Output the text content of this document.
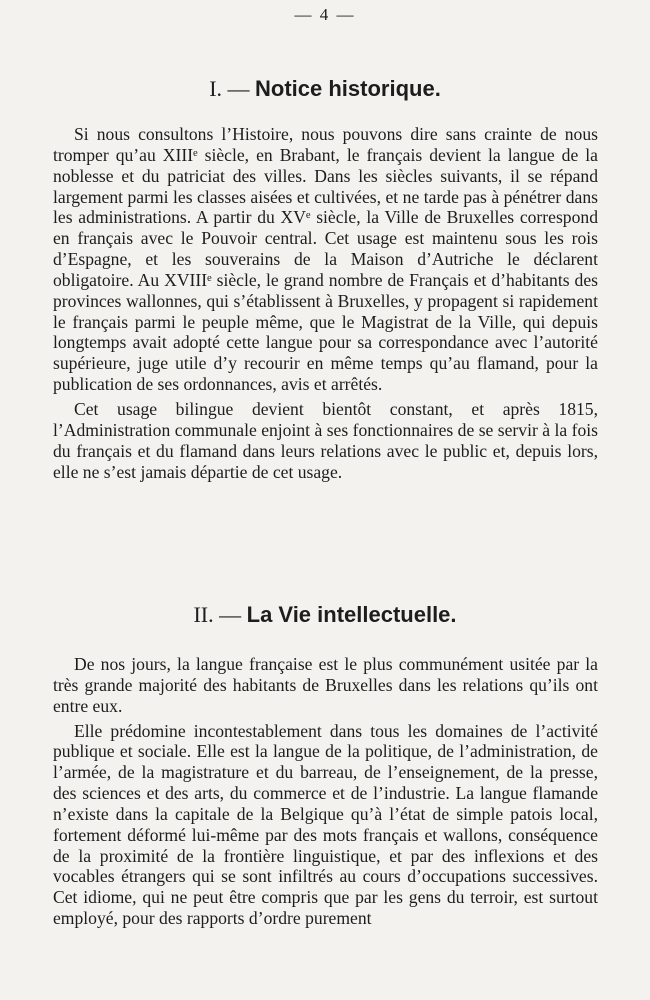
— 4 —
I. — Notice historique.

Si nous consultons l’Histoire, nous pouvons dire sans crainte de nous tromper qu’au XIIIᵉ siècle, en Brabant, le français devient la langue de la noblesse et du patriciat des villes. Dans les siècles suivants, il se répand largement parmi les classes aisées et cultivées, et ne tarde pas à pénétrer dans les administrations. A partir du XVᵉ siècle, la Ville de Bruxelles correspond en français avec le Pouvoir central. Cet usage est maintenu sous les rois d’Espagne, et les souverains de la Maison d’Autriche le déclarent obligatoire. Au XVIIIᵉ siècle, le grand nombre de Français et d’habitants des provinces wallonnes, qui s’établissent à Bruxelles, y propagent si rapidement le français parmi le peuple même, que le Magistrat de la Ville, qui depuis longtemps avait adopté cette langue pour sa correspondance avec l’autorité supérieure, juge utile d’y recourir en même temps qu’au flamand, pour la publication de ses ordonnances, avis et arrêtés.

Cet usage bilingue devient bientôt constant, et après 1815, l’Administration communale enjoint à ses fonctionnaires de se servir à la fois du français et du flamand dans leurs relations avec le public et, depuis lors, elle ne s’est jamais départie de cet usage.

II. — La Vie intellectuelle.

De nos jours, la langue française est le plus communément usitée par la très grande majorité des habitants de Bruxelles dans les relations qu’ils ont entre eux.

Elle prédomine incontestablement dans tous les domaines de l’activité publique et sociale. Elle est la langue de la politique, de l’administration, de l’armée, de la magistrature et du barreau, de l’enseignement, de la presse, des sciences et des arts, du commerce et de l’industrie. La langue flamande n’existe dans la capitale de la Belgique qu’à l’état de simple patois local, fortement déformé lui-même par des mots français et wallons, conséquence de la proximité de la frontière linguistique, et par des inflexions et des vocables étrangers qui se sont infiltrés au cours d’occupations successives. Cet idiome, qui ne peut être compris que par les gens du terroir, est surtout employé, pour des rapports d’ordre purement
